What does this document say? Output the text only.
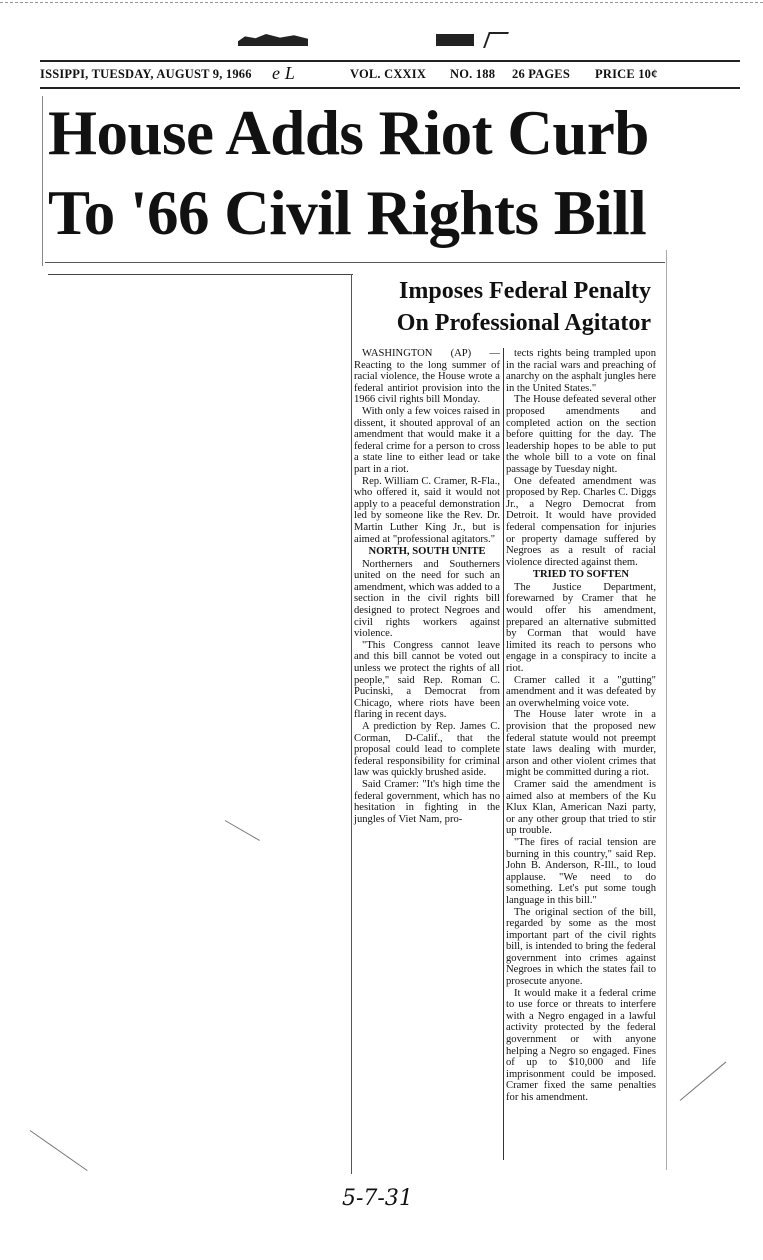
ISSIPPI, TUESDAY, AUGUST 9, 1966 e L	VOL. CXXIX NO. 188 26 PAGES PRICE 10¢
House Adds Riot Curb
To '66 Civil Rights Bill
Imposes Federal Penalty
On Professional Agitator

WASHINGTON (AP) —Reacting to the long summer of racial violence, the House wrote a federal antiriot provision into the 1966 civil rights bill Monday.

With only a few voices raised in dissent, it shouted approval of an amendment that would make it a federal crime for a person to cross a state line to either lead or take part in a riot.

Rep. William C. Cramer, R-Fla., who offered it, said it would not apply to a peaceful demonstration led by someone like the Rev. Dr. Martin Luther King Jr., but is aimed at "professional agitators."

NORTH, SOUTH UNITE

Northerners and Southerners united on the need for such an amendment, which was added to a section in the civil rights bill designed to protect Negroes and civil rights workers against violence.

"This Congress cannot leave and this bill cannot be voted out unless we protect the rights of all people," said Rep. Roman C. Pucinski, a Democrat from Chicago, where riots have been flaring in recent days.

A prediction by Rep. James C. Corman, D-Calif., that the proposal could lead to complete federal responsibility for criminal law was quickly brushed aside.

Said Cramer: "It's high time the federal government, which has no hesitation in fighting in the jungles of Viet Nam, pro-

tects rights being trampled upon in the racial wars and preaching of anarchy on the asphalt jungles here in the United States."

The House defeated several other proposed amendments and completed action on the section before quitting for the day. The leadership hopes to be able to put the whole bill to a vote on final passage by Tuesday night.

One defeated amendment was proposed by Rep. Charles C. Diggs Jr., a Negro Democrat from Detroit. It would have provided federal compensation for injuries or property damage suffered by Negroes as a result of racial violence directed against them.

TRIED TO SOFTEN

The Justice Department, forewarned by Cramer that he would offer his amendment, prepared an alternative submitted by Corman that would have limited its reach to persons who engage in a conspiracy to incite a riot.

Cramer called it a "gutting" amendment and it was defeated by an overwhelming voice vote.

The House later wrote in a provision that the proposed new federal statute would not preempt state laws dealing with murder, arson and other violent crimes that might be committed during a riot.

Cramer said the amendment is aimed also at members of the Ku Klux Klan, American Nazi party, or any other group that tried to stir up trouble.

"The fires of racial tension are burning in this country," said Rep. John B. Anderson, R-Ill., to loud applause. "We need to do something. Let's put some tough language in this bill."

The original section of the bill, regarded by some as the most important part of the civil rights bill, is intended to bring the federal government into crimes against Negroes in which the states fail to prosecute anyone.

It would make it a federal crime to use force or threats to interfere with a Negro engaged in a lawful activity protected by the federal government or with anyone helping a Negro so engaged. Fines of up to $10,000 and life imprisonment could be imposed. Cramer fixed the same penalties for his amendment.

5-7-31
